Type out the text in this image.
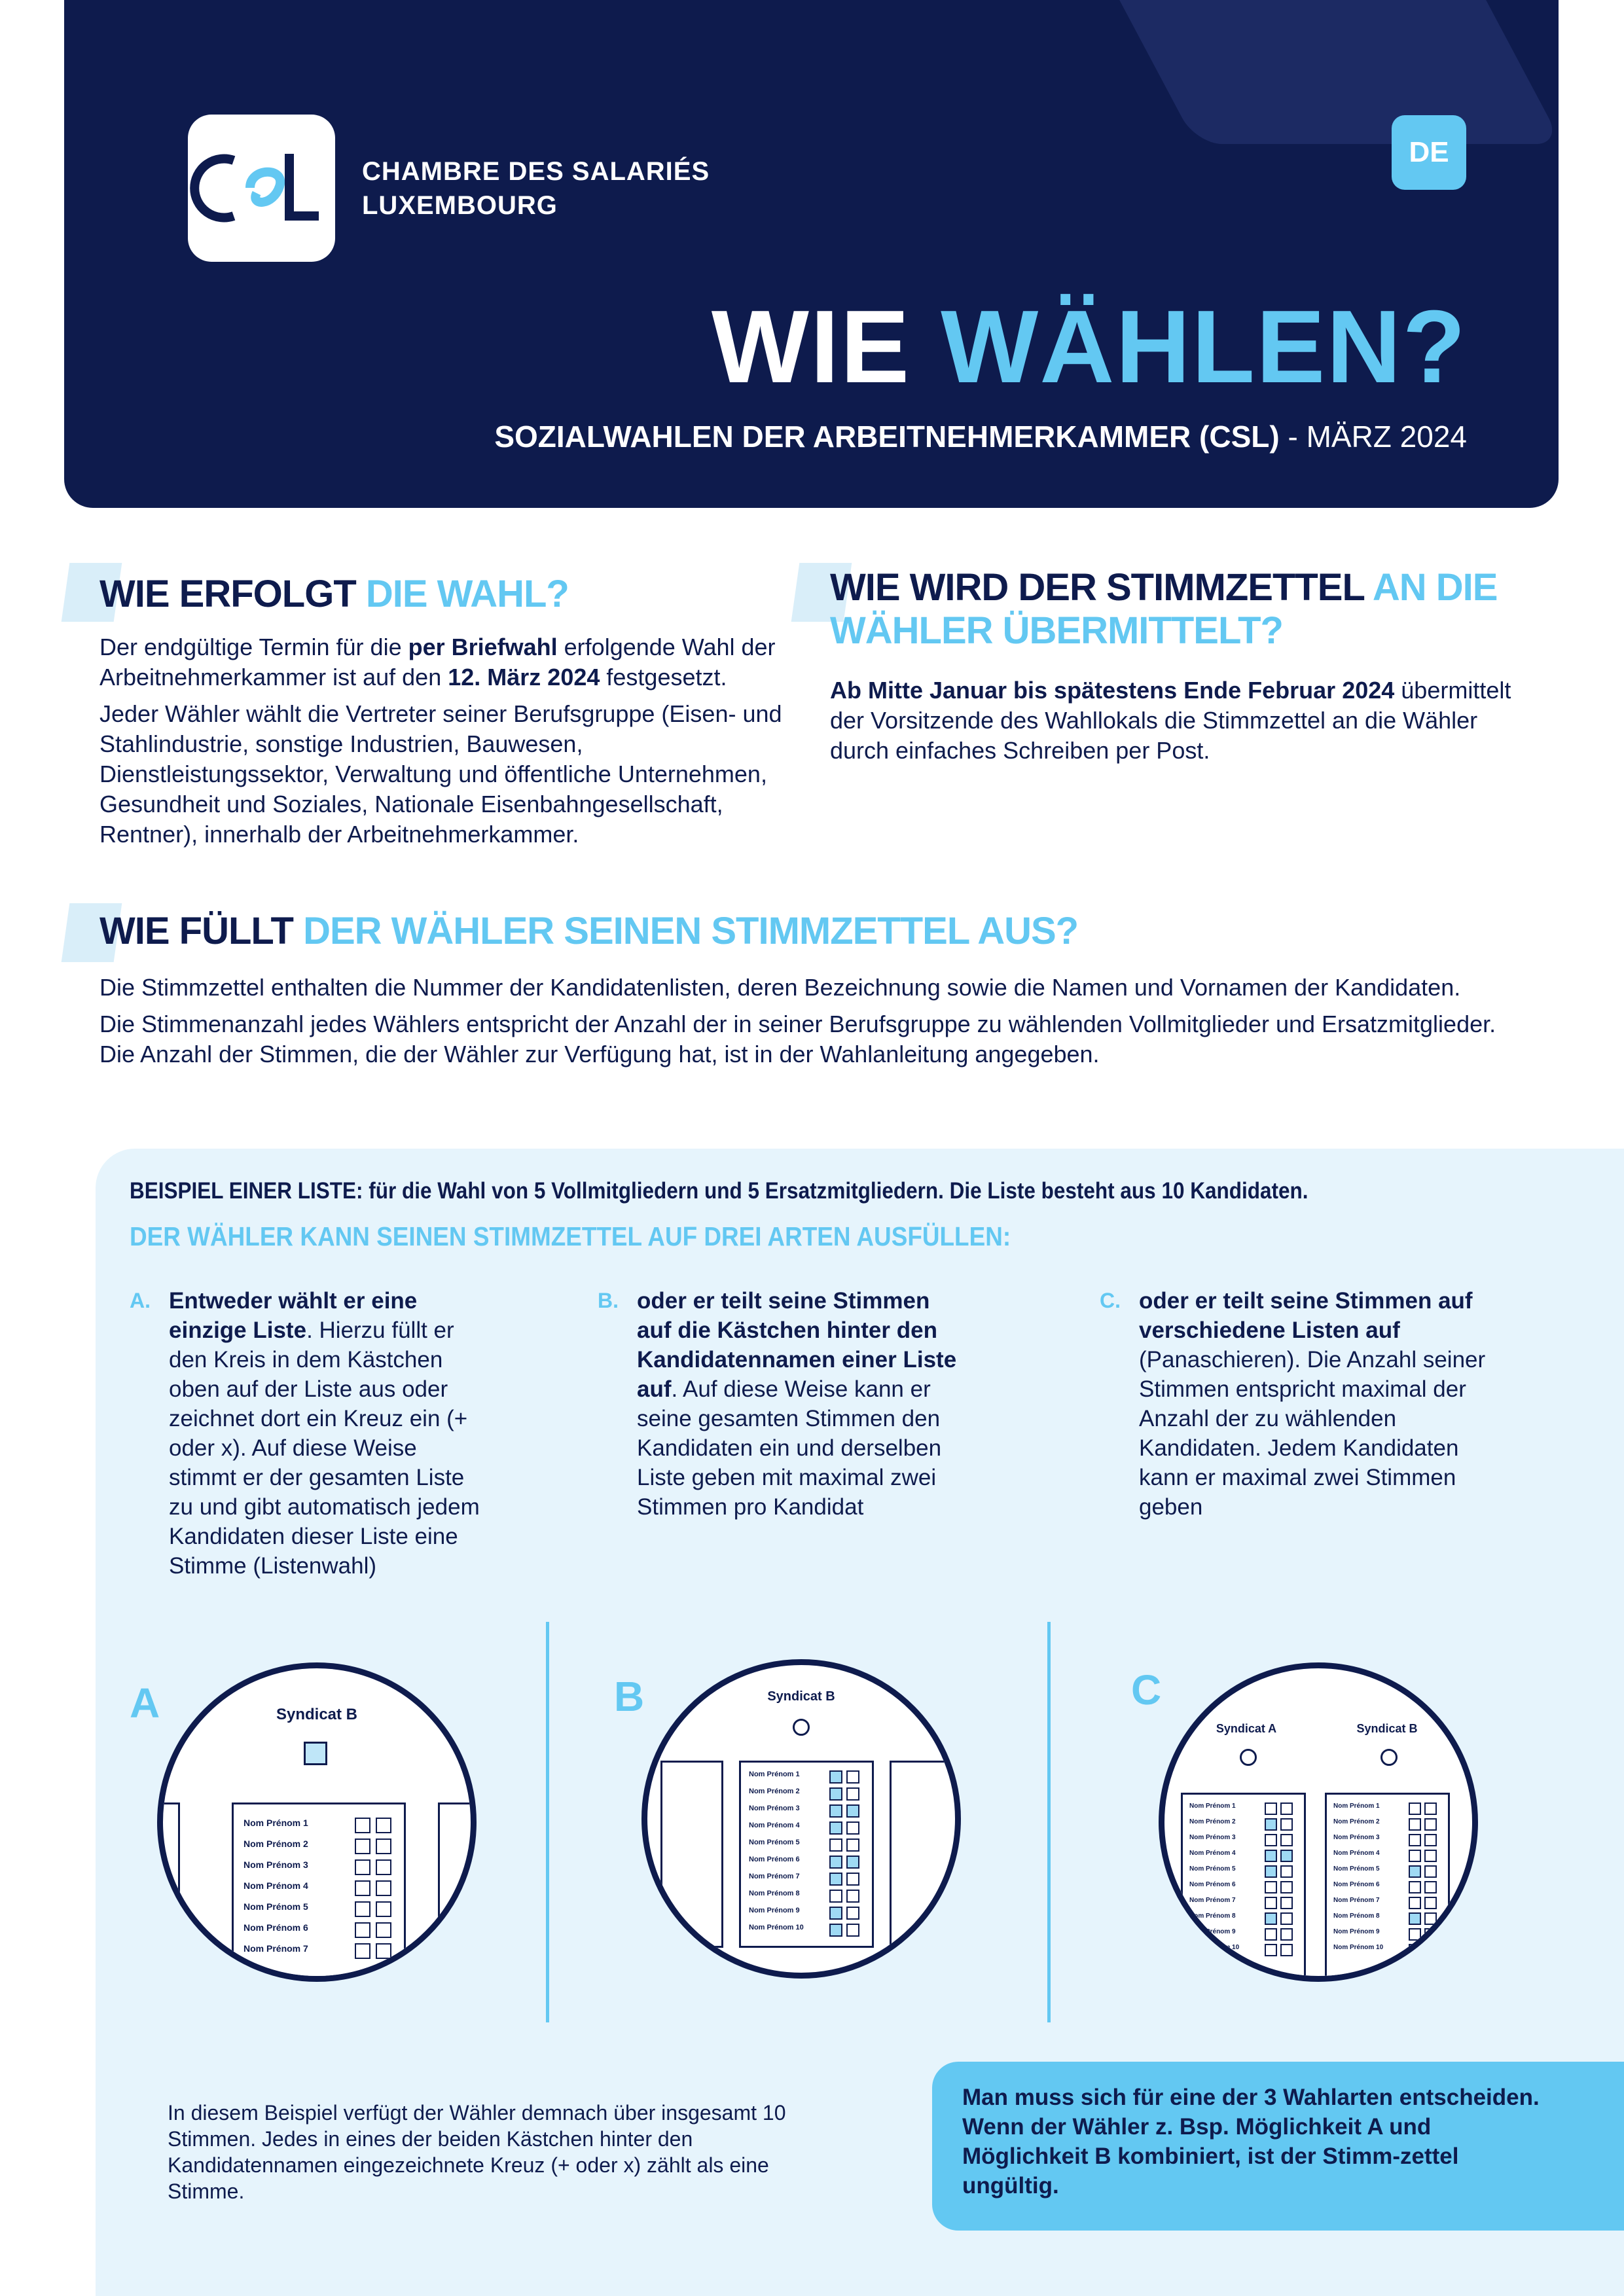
CHAMBRE DES SALARIÉS
LUXEMBOURG
DE
WIE WÄHLEN?
SOZIALWAHLEN DER ARBEITNEHMERKAMMER (CSL) - MÄRZ 2024
WIE ERFOLGT DIE WAHL?

Der endgültige Termin für die per Briefwahl erfolgende Wahl der Arbeitnehmerkammer ist auf den 12. März 2024 festgesetzt.

Jeder Wähler wählt die Vertreter seiner Berufsgruppe (Eisen- und Stahlindustrie, sonstige Industrien, Bauwesen, Dienstleistungssektor, Verwaltung und öffentliche Unternehmen, Gesundheit und Soziales, Nationale Eisenbahngesellschaft, Rentner), innerhalb der Arbeitnehmerkammer.

WIE WIRD DER STIMMZETTEL AN DIE WÄHLER ÜBERMITTELT?

Ab Mitte Januar bis spätestens Ende Februar 2024 übermittelt der Vorsitzende des Wahllokals die Stimmzettel an die Wähler durch einfaches Schreiben per Post.

WIE FÜLLT DER WÄHLER SEINEN STIMMZETTEL AUS?

Die Stimmzettel enthalten die Nummer der Kandidatenlisten, deren Bezeichnung sowie die Namen und Vornamen der Kandidaten.

Die Stimmenanzahl jedes Wählers entspricht der Anzahl der in seiner Berufsgruppe zu wählenden Vollmitglieder und Ersatzmitglieder. Die Anzahl der Stimmen, die der Wähler zur Verfügung hat, ist in der Wahlanleitung angegeben.

BEISPIEL EINER LISTE: für die Wahl von 5 Vollmitgliedern und 5 Ersatzmitgliedern. Die Liste besteht aus 10 Kandidaten.
DER WÄHLER KANN SEINEN STIMMZETTEL AUF DREI ARTEN AUSFÜLLEN:
A. Entweder wählt er eine einzige Liste. Hierzu füllt er den Kreis in dem Kästchen oben auf der Liste aus oder zeichnet dort ein Kreuz ein (+ oder x). Auf diese Weise stimmt er der gesamten Liste zu und gibt automatisch jedem Kandidaten dieser Liste eine Stimme (Listenwahl)
B. oder er teilt seine Stimmen auf die Kästchen hinter den Kandidatennamen einer Liste auf. Auf diese Weise kann er seine gesamten Stimmen den Kandidaten ein und derselben Liste geben mit maximal zwei Stimmen pro Kandidat
C. oder er teilt seine Stimmen auf verschiedene Listen auf (Panaschieren). Die Anzahl seiner Stimmen entspricht maximal der Anzahl der zu wählenden Kandidaten. Jedem Kandidaten kann er maximal zwei Stimmen geben
A	Syndicat B
Nom Prénom 1
Nom Prénom 2
Nom Prénom 3
Nom Prénom 4
Nom Prénom 5
Nom Prénom 6
Nom Prénom 7
B	Syndicat B
Nom Prénom 1
Nom Prénom 2
Nom Prénom 3
Nom Prénom 4
Nom Prénom 5
Nom Prénom 6
Nom Prénom 7
Nom Prénom 8
Nom Prénom 9
Nom Prénom 10
C
Syndicat A	Syndicat B
Nom Prénom 1
Nom Prénom 2
Nom Prénom 3
Nom Prénom 4
Nom Prénom 5
Nom Prénom 6
Nom Prénom 7
Nom Prénom 8
Nom Prénom 9
Nom Prénom 10
Nom Prénom 1
Nom Prénom 2
Nom Prénom 3
Nom Prénom 4
Nom Prénom 5
Nom Prénom 6
Nom Prénom 7
Nom Prénom 8
Nom Prénom 9
Nom Prénom 10
In diesem Beispiel verfügt der Wähler demnach über insgesamt 10 Stimmen. Jedes in eines der beiden Kästchen hinter den Kandidatennamen eingezeichnete Kreuz (+ oder x) zählt als eine Stimme.
Man muss sich für eine der 3 Wahlarten entscheiden. Wenn der Wähler z. Bsp. Möglichkeit A und Möglichkeit B kombiniert, ist der Stimm-zettel ungültig.
